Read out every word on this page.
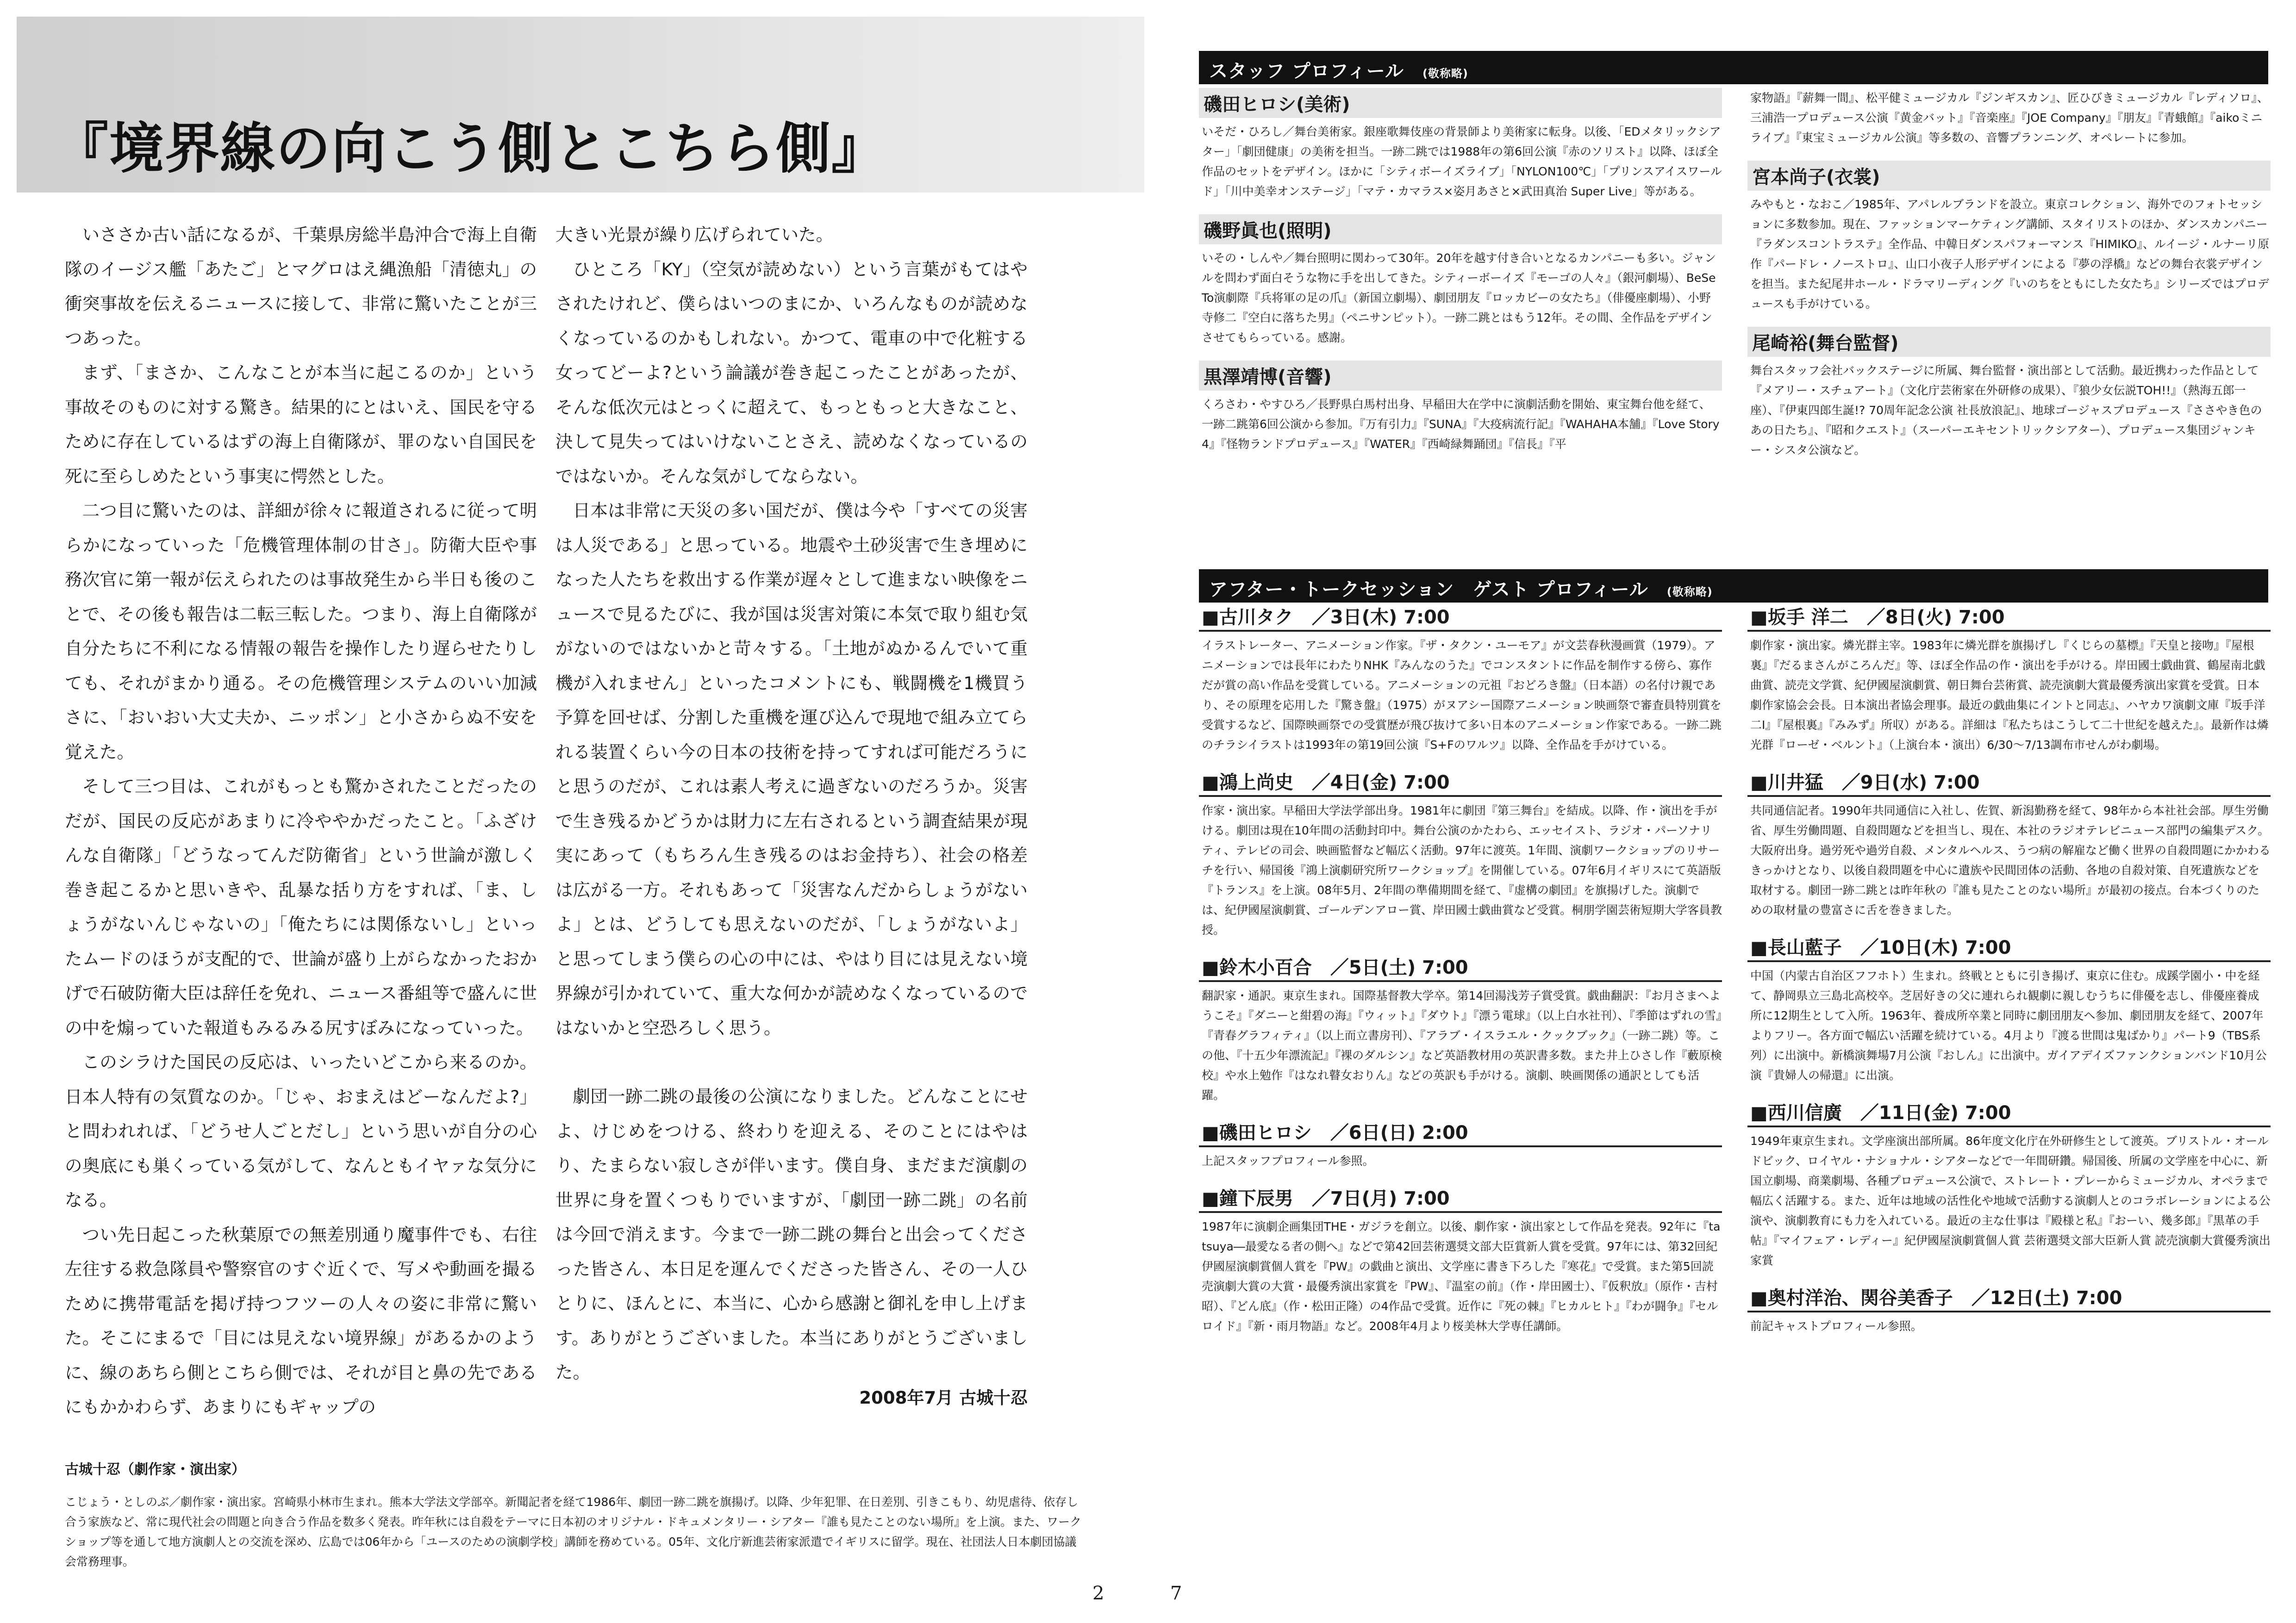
『境界線の向こう側とこちら側』

いささか古い話になるが、千葉県房総半島沖合で海上自衛隊のイージス艦「あたご」とマグロはえ縄漁船「清徳丸」の衝突事故を伝えるニュースに接して、非常に驚いたことが三つあった。

まず、「まさか、こんなことが本当に起こるのか」という事故そのものに対する驚き。結果的にとはいえ、国民を守るために存在しているはずの海上自衛隊が、罪のない自国民を死に至らしめたという事実に愕然とした。

二つ目に驚いたのは、詳細が徐々に報道されるに従って明らかになっていった「危機管理体制の甘さ」。防衛大臣や事務次官に第一報が伝えられたのは事故発生から半日も後のことで、その後も報告は二転三転した。つまり、海上自衛隊が自分たちに不利になる情報の報告を操作したり遅らせたりしても、それがまかり通る。その危機管理システムのいい加減さに、「おいおい大丈夫か、ニッポン」と小さからぬ不安を覚えた。

そして三つ目は、これがもっとも驚かされたことだったのだが、国民の反応があまりに冷ややかだったこと。「ふざけんな自衛隊」「どうなってんだ防衛省」という世論が激しく巻き起こるかと思いきや、乱暴な括り方をすれば、「ま、しょうがないんじゃないの」「俺たちには関係ないし」といったムードのほうが支配的で、世論が盛り上がらなかったおかげで石破防衛大臣は辞任を免れ、ニュース番組等で盛んに世の中を煽っていた報道もみるみる尻すぼみになっていった。

このシラけた国民の反応は、いったいどこから来るのか。日本人特有の気質なのか。「じゃ、おまえはどーなんだよ?」と問われれば、「どうせ人ごとだし」という思いが自分の心の奥底にも巣くっている気がして、なんともイヤァな気分になる。

つい先日起こった秋葉原での無差別通り魔事件でも、右往左往する救急隊員や警察官のすぐ近くで、写メや動画を撮るために携帯電話を掲げ持つフツーの人々の姿に非常に驚いた。そこにまるで「目には見えない境界線」があるかのように、線のあちら側とこちら側では、それが目と鼻の先であるにもかかわらず、あまりにもギャップの

大きい光景が繰り広げられていた。

ひところ「KY」（空気が読めない）という言葉がもてはやされたけれど、僕らはいつのまにか、いろんなものが読めなくなっているのかもしれない。かつて、電車の中で化粧する女ってどーよ?という論議が巻き起こったことがあったが、そんな低次元はとっくに超えて、もっともっと大きなこと、決して見失ってはいけないことさえ、読めなくなっているのではないか。そんな気がしてならない。

日本は非常に天災の多い国だが、僕は今や「すべての災害は人災である」と思っている。地震や土砂災害で生き埋めになった人たちを救出する作業が遅々として進まない映像をニュースで見るたびに、我が国は災害対策に本気で取り組む気がないのではないかと苛々する。「土地がぬかるんでいて重機が入れません」といったコメントにも、戦闘機を1機買う予算を回せば、分割した重機を運び込んで現地で組み立てられる装置くらい今の日本の技術を持ってすれば可能だろうにと思うのだが、これは素人考えに過ぎないのだろうか。災害で生き残るかどうかは財力に左右されるという調査結果が現実にあって（もちろん生き残るのはお金持ち）、社会の格差は広がる一方。それもあって「災害なんだからしょうがないよ」とは、どうしても思えないのだが、「しょうがないよ」と思ってしまう僕らの心の中には、やはり目には見えない境界線が引かれていて、重大な何かが読めなくなっているのではないかと空恐ろしく思う。

劇団一跡二跳の最後の公演になりました。どんなことにせよ、けじめをつける、終わりを迎える、そのことにはやはり、たまらない寂しさが伴います。僕自身、まだまだ演劇の世界に身を置くつもりでいますが、「劇団一跡二跳」の名前は今回で消えます。今まで一跡二跳の舞台と出会ってくださった皆さん、本日足を運んでくださった皆さん、その一人ひとりに、ほんとに、本当に、心から感謝と御礼を申し上げます。ありがとうございました。本当にありがとうございました。

2008年7月 古城十忍
古城十忍（劇作家・演出家）
こじょう・としのぶ／劇作家・演出家。宮崎県小林市生まれ。熊本大学法文学部卒。新聞記者を経て1986年、劇団一跡二跳を旗揚げ。以降、少年犯罪、在日差別、引きこもり、幼児虐待、依存し合う家族など、常に現代社会の問題と向き合う作品を数多く発表。昨年秋には自殺をテーマに日本初のオリジナル・ドキュメンタリー・シアター『誰も見たことのない場所』を上演。また、ワークショップ等を通して地方演劇人との交流を深め、広島では06年から「ユースのための演劇学校」講師を務めている。05年、文化庁新進芸術家派遣でイギリスに留学。現在、社団法人日本劇団協議会常務理事。
2	7
スタッフ プロフィール (敬称略)
磯田ヒロシ(美術)
いそだ・ひろし／舞台美術家。銀座歌舞伎座の背景師より美術家に転身。以後、「EDメタリックシアター」「劇団健康」の美術を担当。一跡二跳では1988年の第6回公演『赤のソリスト』以降、ほぼ全作品のセットをデザイン。ほかに「シティボーイズライブ」「NYLON100℃」「プリンスアイスワールド」「川中美幸オンステージ」「マテ・カマラス×姿月あさと×武田真治 Super Live」等がある。
磯野眞也(照明)
いその・しんや／舞台照明に関わって30年。20年を越す付き合いとなるカンパニーも多い。ジャンルを問わず面白そうな物に手を出してきた。シティーボーイズ『モーゴの人々』（銀河劇場）、BeSeTo演劇際『兵将軍の足の爪』（新国立劇場）、劇団朋友『ロッカビーの女たち』（俳優座劇場）、小野寺修二『空白に落ちた男』（ペニサンピット）。一跡二跳とはもう12年。その間、全作品をデザインさせてもらっている。感謝。
黒澤靖博(音響)
くろさわ・やすひろ／長野県白馬村出身、早稲田大在学中に演劇活動を開始、東宝舞台他を経て、一跡二跳第6回公演から参加。『万有引力』『SUNA』『大疫病流行記』『WAHAHA本舗』『Love Story4』『怪物ランドプロデュース』『WATER』『西崎緑舞踊団』『信長』『平
家物語』『薪舞一間』、松平健ミュージカル『ジンギスカン』、匠ひびきミュージカル『レディソロ』、三浦浩一プロデュース公演『黄金バット』『音楽座』『JOE Company』『朋友』『青蛾館』『aikoミニライブ』『東宝ミュージカル公演』等多数の、音響プランニング、オペレートに参加。
宮本尚子(衣裳)
みやもと・なおこ／1985年、アパレルブランドを設立。東京コレクション、海外でのフォトセッションに多数参加。現在、ファッションマーケティング講師、スタイリストのほか、ダンスカンパニー『ラダンスコントラステ』全作品、中韓日ダンスパフォーマンス『HIMIKO』、ルイージ・ルナーリ原作『パードレ・ノーストロ』、山口小夜子人形デザインによる『夢の浮橋』などの舞台衣裳デザインを担当。また紀尾井ホール・ドラマリーディング『いのちをともにした女たち』シリーズではプロデュースも手がけている。
尾崎裕(舞台監督)
舞台スタッフ会社バックステージに所属、舞台監督・演出部として活動。最近携わった作品として『メアリー・スチュアート』（文化庁芸術家在外研修の成果）、『狼少女伝説TOH!!』（熱海五郎一座）、『伊東四郎生誕!? 70周年記念公演 社長放浪記』、地球ゴージャスプロデュース『ささやき色のあの日たち』、『昭和クエスト』（スーパーエキセントリックシアター）、プロデュース集団ジャンキー・シスタ公演など。
アフター・トークセッション　ゲスト プロフィール (敬称略)
■古川タク　／3日(木) 7:00
イラストレーター、アニメーション作家。『ザ・タクン・ユーモア』が文芸春秋漫画賞（1979）。アニメーションでは長年にわたりNHK『みんなのうた』でコンスタントに作品を制作する傍ら、寡作だが賞の高い作品を受賞している。アニメーションの元祖『おどろき盤』（日本語）の名付け親であり、その原理を応用した『驚き盤』（1975）がヌアシー国際アニメーション映画祭で審査員特別賞を受賞するなど、国際映画祭での受賞歴が飛び抜けて多い日本のアニメーション作家である。一跡二跳のチラシイラストは1993年の第19回公演『S+Fのワルツ』以降、全作品を手がけている。
■鴻上尚史　／4日(金) 7:00
作家・演出家。早稲田大学法学部出身。1981年に劇団『第三舞台』を結成。以降、作・演出を手がける。劇団は現在10年間の活動封印中。舞台公演のかたわら、エッセイスト、ラジオ・パーソナリティ、テレビの司会、映画監督など幅広く活動。97年に渡英。1年間、演劇ワークショップのリサーチを行い、帰国後『鴻上演劇研究所ワークショップ』を開催している。07年6月イギリスにて英語版『トランス』を上演。08年5月、2年間の準備期間を経て、『虚構の劇団』を旗揚げした。演劇では、紀伊國屋演劇賞、ゴールデンアロー賞、岸田國士戯曲賞など受賞。桐朋学園芸術短期大学客員教授。
■鈴木小百合　／5日(土) 7:00
翻訳家・通訳。東京生まれ。国際基督教大学卒。第14回湯浅芳子賞受賞。戯曲翻訳：『お月さまへようこそ』『ダニーと紺碧の海』『ウィット』『ダウト』『漂う電球』（以上白水社刊）、『季節はずれの雪』『青春グラフィティ』（以上而立書房刊）、『アラブ・イスラエル・クックブック』（一跡二跳）等。この他、『十五少年漂流記』『裸のダルシン』など英語教材用の英訳書多数。また井上ひさし作『藪原検校』や水上勉作『はなれ瞽女おりん』などの英訳も手がける。演劇、映画関係の通訳としても活躍。
■磯田ヒロシ　／6日(日) 2:00
上記スタッフプロフィール参照。
■鐘下辰男　／7日(月) 7:00
1987年に演劇企画集団THE・ガジラを創立。以後、劇作家・演出家として作品を発表。92年に『tatsuya―最愛なる者の側へ』などで第42回芸術選奨文部大臣賞新人賞を受賞。97年には、第32回紀伊國屋演劇賞個人賞を『PW』の戯曲と演出、文学座に書き下ろした『寒花』で受賞。また第5回読売演劇大賞の大賞・最優秀演出家賞を『PW』、『温室の前』（作・岸田國士）、『仮釈放』（原作・吉村昭）、『どん底』（作・松田正隆）の4作品で受賞。近作に『死の棘』『ヒカルヒト』『わが闘争』『セルロイド』『新・雨月物語』など。2008年4月より桜美林大学専任講師。
■坂手 洋二　／8日(火) 7:00
劇作家・演出家。燐光群主宰。1983年に燐光群を旗揚げし『くじらの墓標』『天皇と接吻』『屋根裏』『だるまさんがころんだ』等、ほぼ全作品の作・演出を手がける。岸田國士戯曲賞、鶴屋南北戯曲賞、読売文学賞、紀伊國屋演劇賞、朝日舞台芸術賞、読売演劇大賞最優秀演出家賞を受賞。日本劇作家協会会長。日本演出者協会理事。最近の戯曲集にイントと同志』、ハヤカワ演劇文庫『坂手洋二I』『屋根裏』『みみず』所収）がある。詳細は『私たちはこうして二十世紀を越えた』。最新作は燐光群『ローゼ・ベルント』（上演台本・演出）6/30～7/13調布市せんがわ劇場。
■川井猛　／9日(水) 7:00
共同通信記者。1990年共同通信に入社し、佐賀、新潟勤務を経て、98年から本社社会部。厚生労働省、厚生労働問題、自殺問題などを担当し、現在、本社のラジオテレビニュース部門の編集デスク。大阪府出身。過労死や過労自殺、メンタルヘルス、うつ病の解雇など働く世界の自殺問題にかかわるきっかけとなり、以後自殺問題を中心に遺族や民間団体の活動、各地の自殺対策、自死遺族などを取材する。劇団一跡二跳とは昨年秋の『誰も見たことのない場所』が最初の接点。台本づくりのための取材量の豊富さに舌を巻きました。
■長山藍子　／10日(木) 7:00
中国（内蒙古自治区フフホト）生まれ。終戦とともに引き揚げ、東京に住む。成蹊学園小・中を経て、静岡県立三島北高校卒。芝居好きの父に連れられ観劇に親しむうちに俳優を志し、俳優座養成所に12期生として入所。1963年、養成所卒業と同時に劇団朋友へ参加、劇団朋友を経て、2007年よりフリー。各方面で幅広い活躍を続けている。4月より『渡る世間は鬼ばかり』パート9（TBS系列）に出演中。新橋演舞場7月公演『おしん』に出演中。ガイアデイズファンクションバンド10月公演『貴婦人の帰還』に出演。
■西川信廣　／11日(金) 7:00
1949年東京生まれ。文学座演出部所属。86年度文化庁在外研修生として渡英。ブリストル・オールドビック、ロイヤル・ナショナル・シアターなどで一年間研鑽。帰国後、所属の文学座を中心に、新国立劇場、商業劇場、各種プロデュース公演で、ストレート・プレーからミュージカル、オペラまで幅広く活躍する。また、近年は地域の活性化や地域で活動する演劇人とのコラボレーションによる公演や、演劇教育にも力を入れている。最近の主な仕事は『殿様と私』『おーい、幾多郎』『黒革の手帖』『マイフェア・レディー』紀伊國屋演劇賞個人賞 芸術選奨文部大臣新人賞 読売演劇大賞優秀演出家賞
■奥村洋治、関谷美香子　／12日(土) 7:00
前記キャストプロフィール参照。
